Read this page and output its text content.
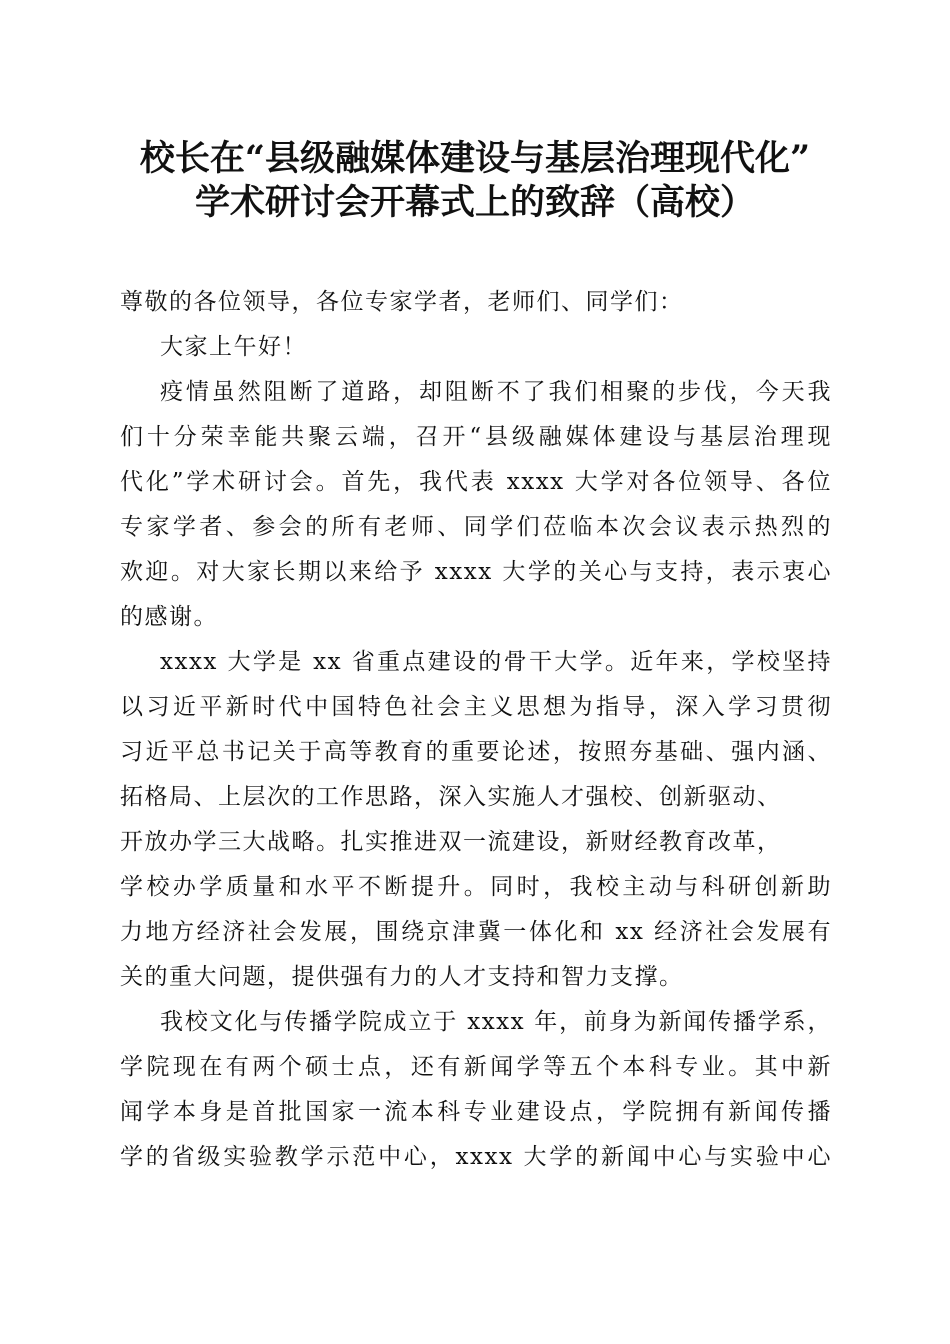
校长在“县级融媒体建设与基层治理现代化”
学术研讨会开幕式上的致辞（高校）
尊敬的各位领导，各位专家学者，老师们、同学们：
大家上午好！
疫情虽然阻断了道路，却阻断不了我们相聚的步伐，今天我
们十分荣幸能共聚云端，召开“县级融媒体建设与基层治理现
代化”学术研讨会。首先，我代表 xxxx 大学对各位领导、各位
专家学者、参会的所有老师、同学们莅临本次会议表示热烈的
欢迎。对大家长期以来给予 xxxx 大学的关心与支持，表示衷心
的感谢。
xxxx 大学是 xx 省重点建设的骨干大学。近年来，学校坚持
以习近平新时代中国特色社会主义思想为指导，深入学习贯彻
习近平总书记关于高等教育的重要论述，按照夯基础、强内涵、
拓格局、上层次的工作思路，深入实施人才强校、创新驱动、
开放办学三大战略。扎实推进双一流建设，新财经教育改革，
学校办学质量和水平不断提升。同时，我校主动与科研创新助
力地方经济社会发展，围绕京津冀一体化和 xx 经济社会发展有
关的重大问题，提供强有力的人才支持和智力支撑。
我校文化与传播学院成立于 xxxx 年，前身为新闻传播学系，
学院现在有两个硕士点，还有新闻学等五个本科专业。其中新
闻学本身是首批国家一流本科专业建设点，学院拥有新闻传播
学的省级实验教学示范中心，xxxx 大学的新闻中心与实验中心
